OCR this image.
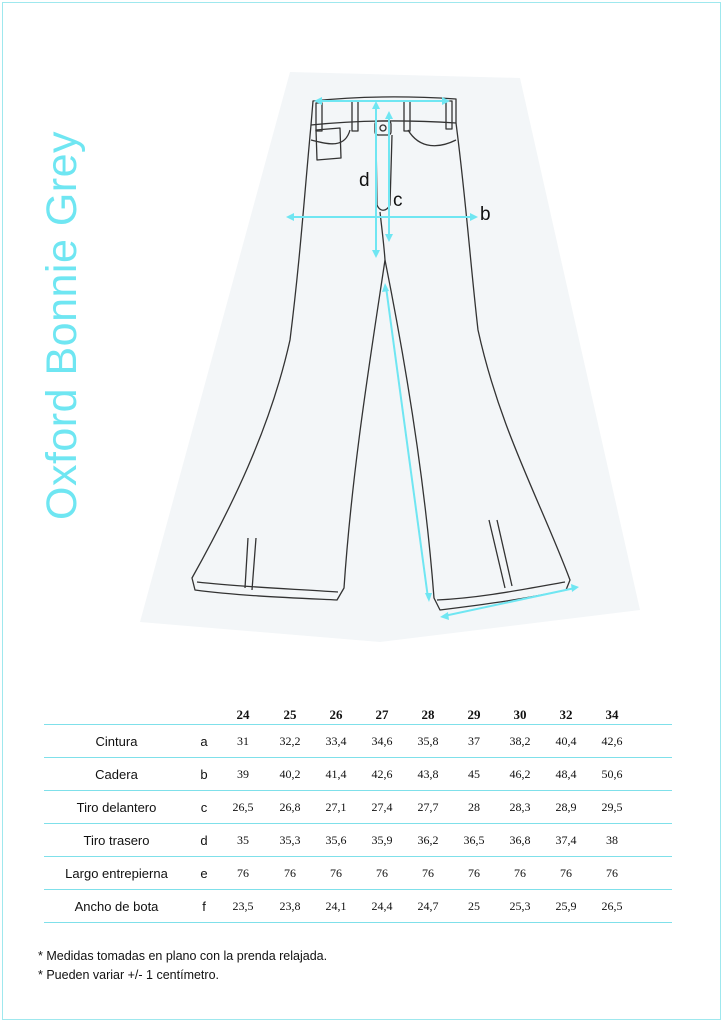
Oxford Bonnie Grey	d
c
b
		24	25	26	27	28	29	30	32	34	
Cintura	a	31	32,2	33,4	34,6	35,8	37	38,2	40,4	42,6	
Cadera	b	39	40,2	41,4	42,6	43,8	45	46,2	48,4	50,6	
Tiro delantero	c	26,5	26,8	27,1	27,4	27,7	28	28,3	28,9	29,5	
Tiro trasero	d	35	35,3	35,6	35,9	36,2	36,5	36,8	37,4	38	
Largo entrepierna	e	76	76	76	76	76	76	76	76	76	
Ancho de bota	f	23,5	23,8	24,1	24,4	24,7	25	25,3	25,9	26,5	
* Medidas tomadas en plano con la prenda relajada.
* Pueden variar +/- 1 centímetro.
